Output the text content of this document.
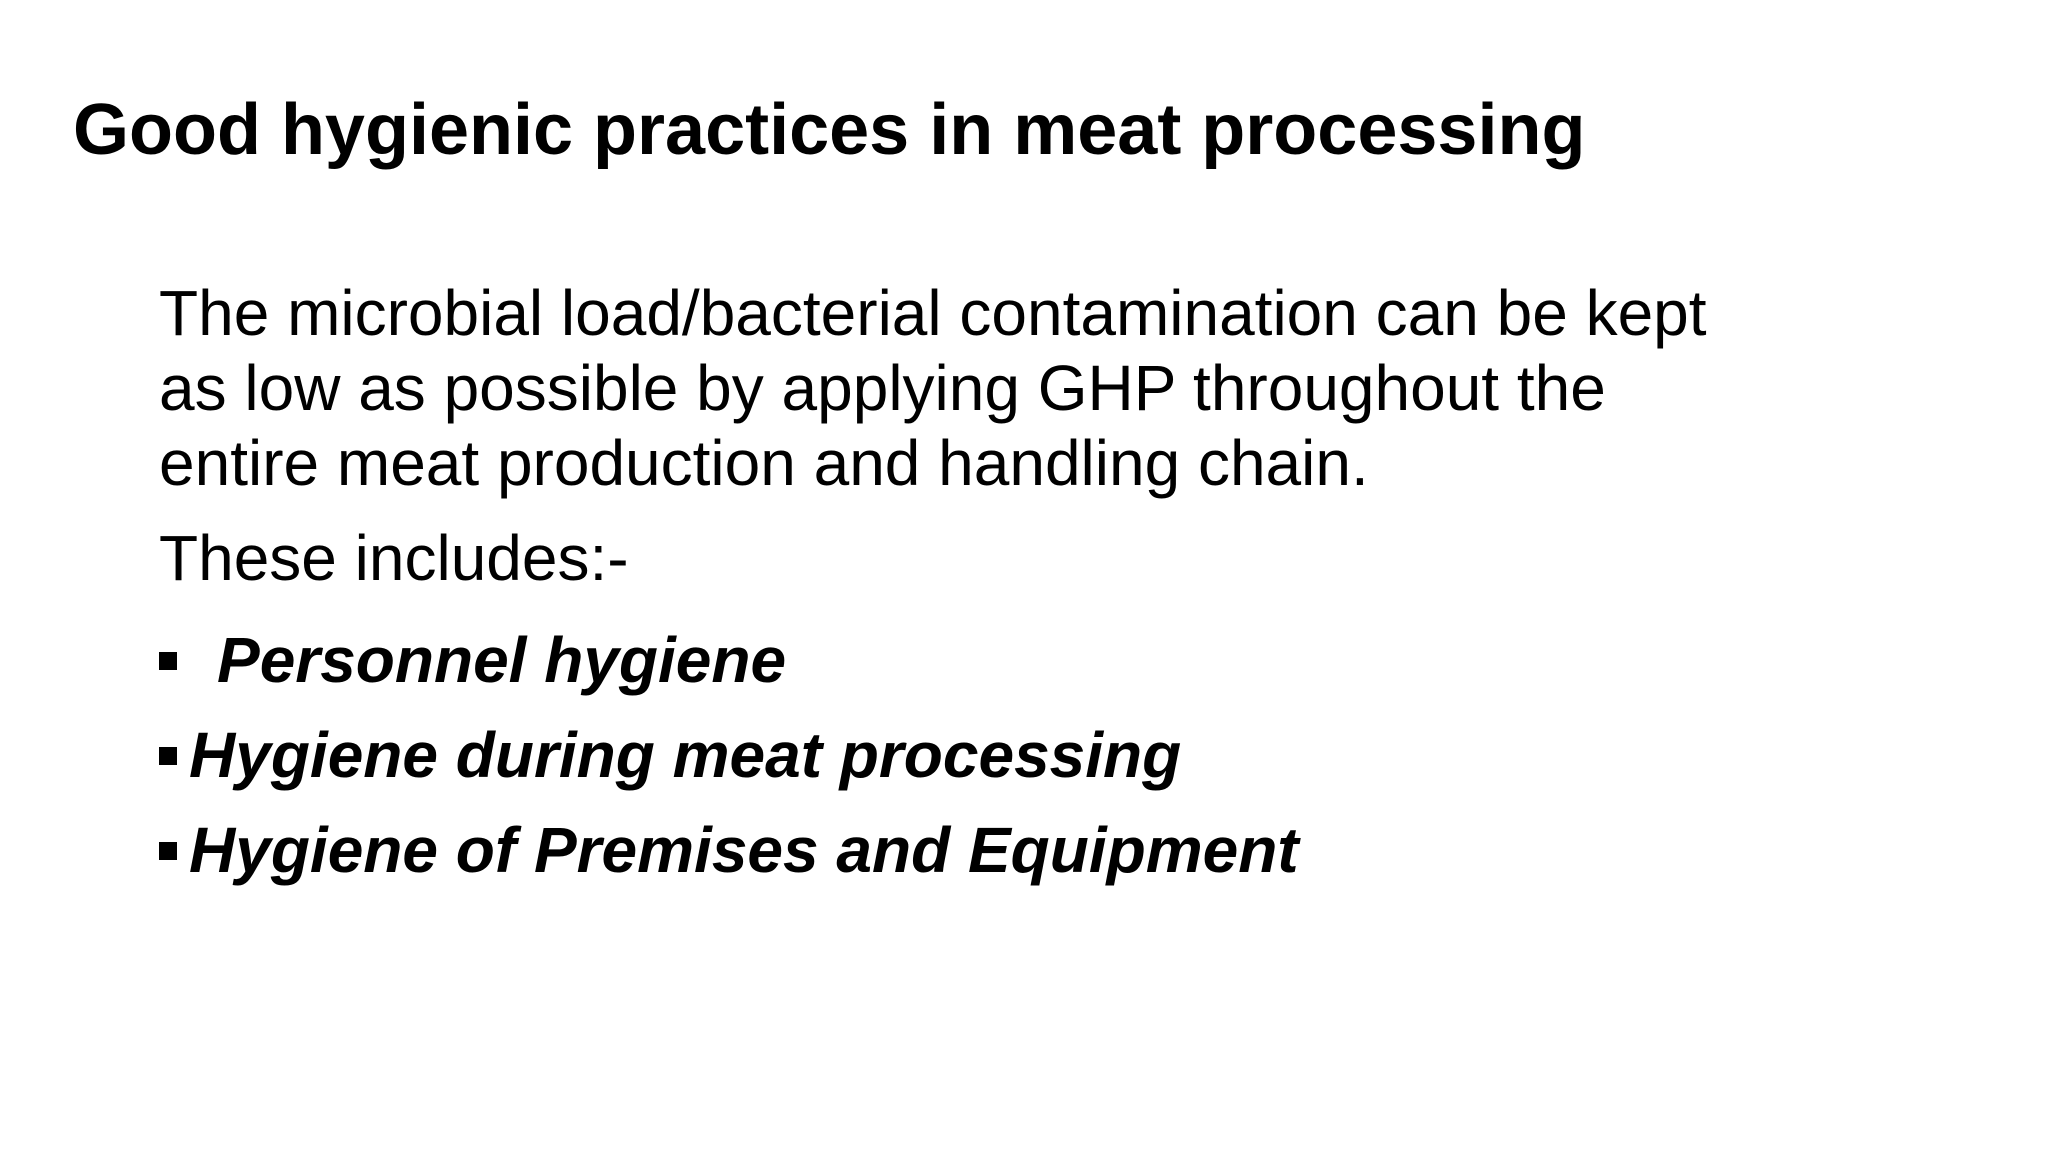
Good hygienic practices in meat processing

The microbial load/bacterial contamination can be kept
as low as possible by applying GHP throughout the
entire meat production and handling chain.

These includes:-

Personnel hygiene
Hygiene during meat processing
Hygiene of Premises and Equipment
